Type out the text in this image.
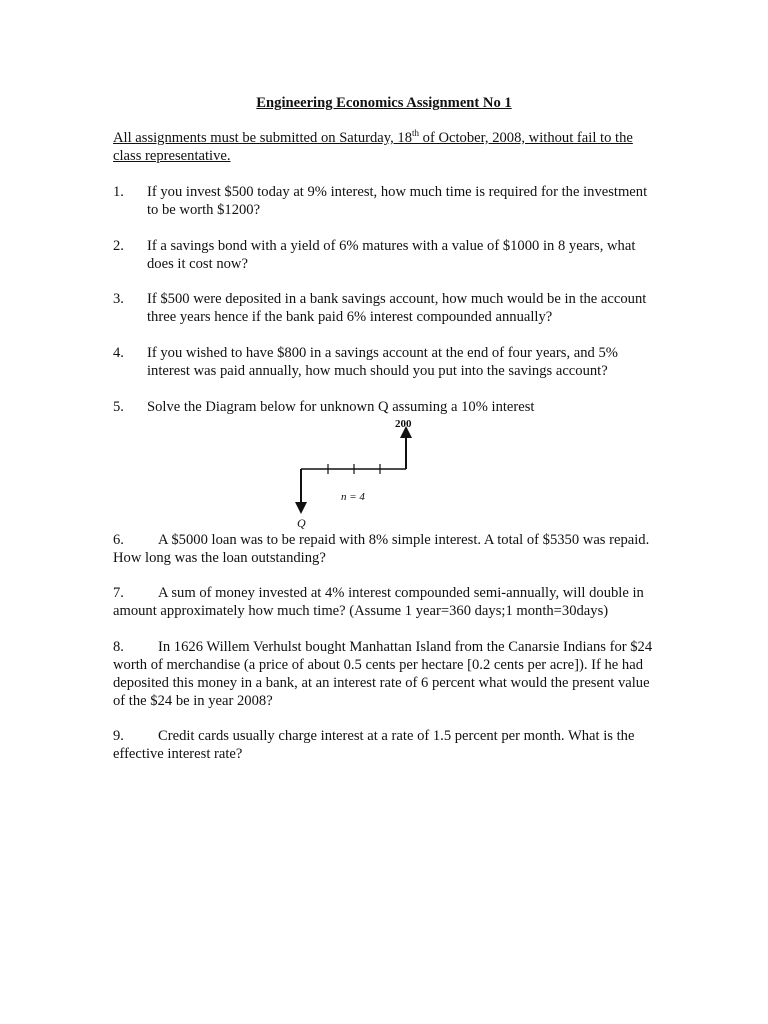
Engineering Economics Assignment No 1
All assignments must be submitted on Saturday, 18th of October, 2008, without fail to the class representative.
1.	If you invest $500 today at 9% interest, how much time is required for the investment to be worth $1200?
2.	If a savings bond with a yield of 6% matures with a value of $1000 in 8 years, what does it cost now?
3.	If $500 were deposited in a bank savings account, how much would be in the account three years hence if the bank paid 6% interest compounded annually?
4.	If you wished to have $800 in a savings account at the end of four years, and 5% interest was paid annually, how much should you put into the savings account?
5.	Solve the Diagram below for unknown Q assuming a 10% interest
200
n = 4
Q
6. A $5000 loan was to be repaid with 8% simple interest. A total of $5350 was repaid. How long was the loan outstanding?
7. A sum of money invested at 4% interest compounded semi-annually, will double in amount approximately how much time? (Assume 1 year=360 days;1 month=30days)
8. In 1626 Willem Verhulst bought Manhattan Island from the Canarsie Indians for $24 worth of merchandise (a price of about 0.5 cents per hectare [0.2 cents per acre]). If he had deposited this money in a bank, at an interest rate of 6 percent what would the present value of the $24 be in year 2008?
9. Credit cards usually charge interest at a rate of 1.5 percent per month. What is the effective interest rate?
